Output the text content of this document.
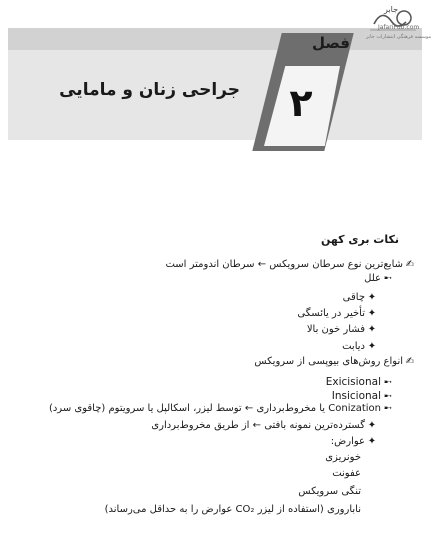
فصل
۲
جراحی زنان و مامایی
JafariPub.com
جابر
موسسه فرهنگی انتشارات جابر
نکات بری کهن
✍شایع‌ترین نوع سرطان سرویکس ← سرطان اندومتر است
➸علل
✦چاقی
✦تأخیر در یائسگی
✦فشار خون بالا
✦دیابت
✍انواع روش‌های بیوپسی از سرویکس
➸Exicisional
➸Insicional
➸Conization یا مخروط‌برداری ← توسط لیزر، اسکالپل یا سرویتوم (چاقوی سرد)
✦گسترده‌ترین نمونه بافتی ← از طریق مخروط‌برداری
✦عوارض:
خونریزی
عفونت
تنگی سرویکس
ناباروری (استفاده از لیزر CO₂ عوارض را به حداقل می‌رساند)
